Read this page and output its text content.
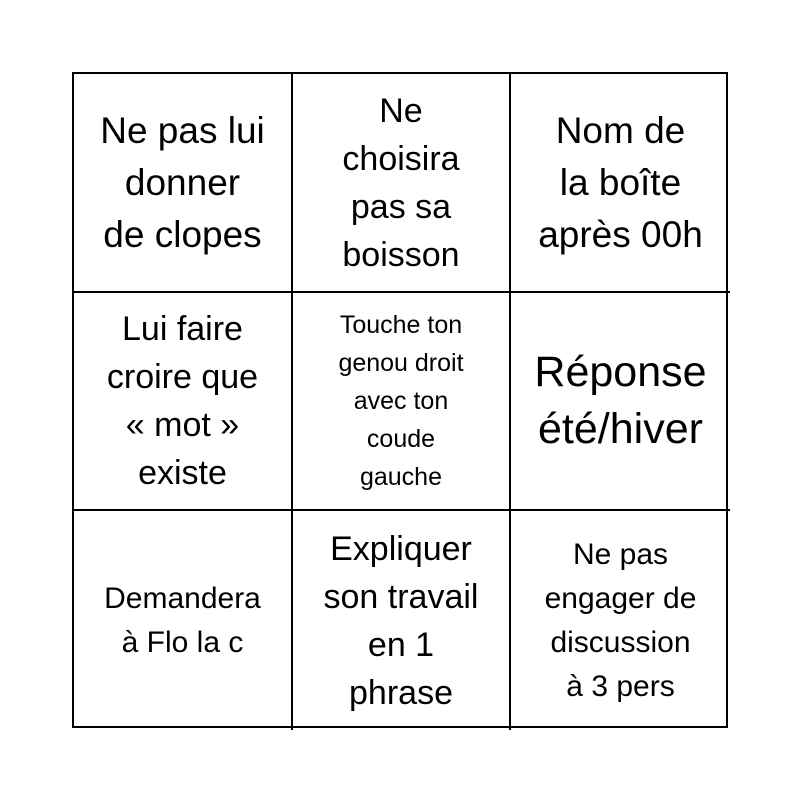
Ne pas lui
donner
de clopes
Ne
choisira
pas sa
boisson
Nom de
la boîte
après 00h
Lui faire
croire que
« mot »
existe
Touche ton
genou droit
avec ton
coude
gauche
Réponse
été/hiver
Demandera
à Flo la c
Expliquer
son travail
en 1
phrase
Ne pas
engager de
discussion
à 3 pers
